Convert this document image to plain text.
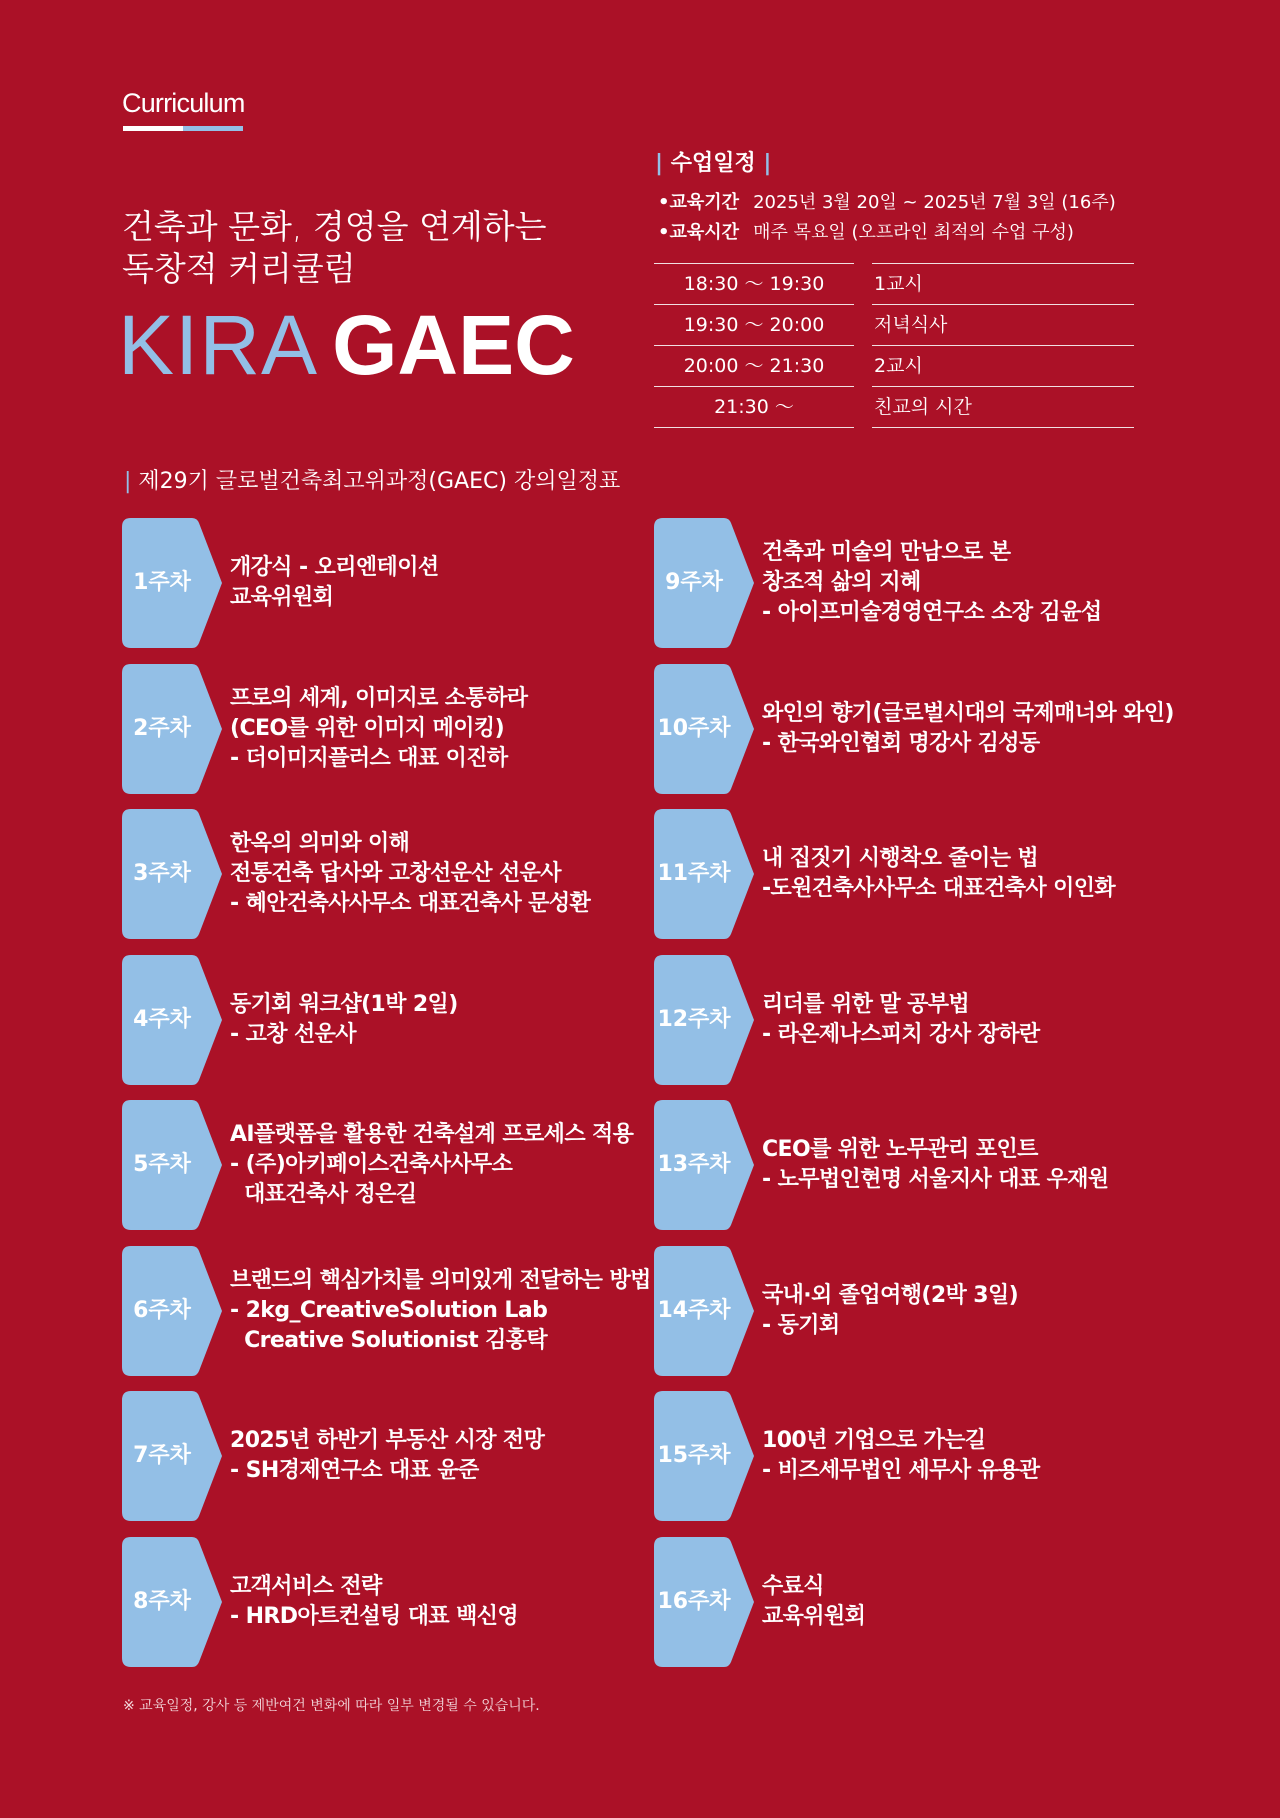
Curriculum
건축과 문화, 경영을 연계하는
독창적 커리큘럼
KIRA GAEC
| 수업일정 |
•교육기간 2025년 3월 20일 ~ 2025년 7월 3일 (16주)
•교육시간 매주 목요일 (오프라인 최적의 수업 구성)
18:30 ～ 19:30	1교시
19:30 ～ 20:00	저녁식사
20:00 ～ 21:30	2교시
21:30 ～	친교의 시간
| 제29기 글로벌건축최고위과정(GAEC) 강의일정표
1주차
개강식 - 오리엔테이션
교육위원회
2주차
프로의 세계, 이미지로 소통하라
(CEO를 위한 이미지 메이킹)
- 더이미지플러스 대표 이진하
3주차
한옥의 의미와 이해
전통건축 답사와 고창선운산 선운사
- 혜안건축사사무소 대표건축사 문성환
4주차
동기회 워크샵(1박 2일)
- 고창 선운사
5주차
AI플랫폼을 활용한 건축설계 프로세스 적용
- (주)아키페이스건축사사무소
대표건축사 정은길
6주차
브랜드의 핵심가치를 의미있게 전달하는 방법
- 2kg_CreativeSolution Lab
Creative Solutionist 김홍탁
7주차
2025년 하반기 부동산 시장 전망
- SH경제연구소 대표 윤준
8주차
고객서비스 전략
- HRD아트컨설팅 대표 백신영
9주차
건축과 미술의 만남으로 본
창조적 삶의 지혜
- 아이프미술경영연구소 소장 김윤섭
10주차
와인의 향기(글로벌시대의 국제매너와 와인)
- 한국와인협회 명강사 김성동
11주차
내 집짓기 시행착오 줄이는 법
-도원건축사사무소 대표건축사 이인화
12주차
리더를 위한 말 공부법
- 라온제나스피치 강사 장하란
13주차
CEO를 위한 노무관리 포인트
- 노무법인현명 서울지사 대표 우재원
14주차
국내·외 졸업여행(2박 3일)
- 동기회
15주차
100년 기업으로 가는길
- 비즈세무법인 세무사 유용관
16주차
수료식
교육위원회
※ 교육일정, 강사 등 제반여건 변화에 따라 일부 변경될 수 있습니다.
